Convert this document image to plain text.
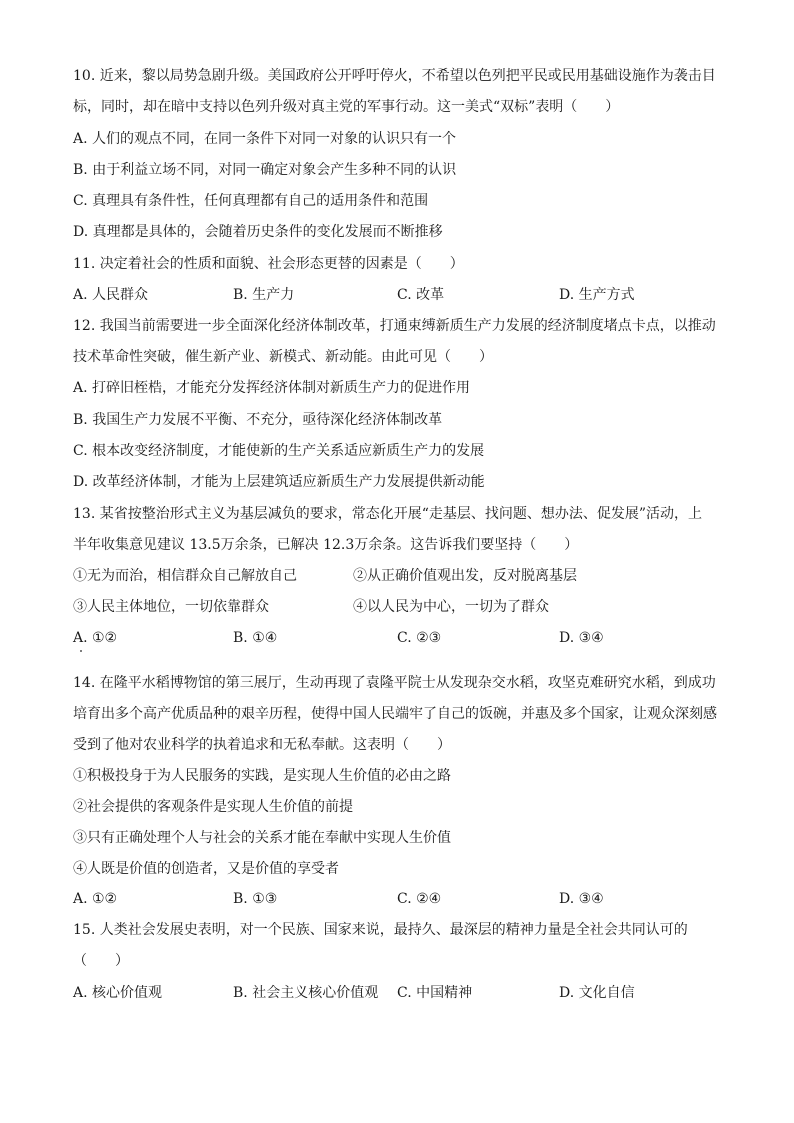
10. 近来，黎以局势急剧升级。美国政府公开呼吁停火，不希望以色列把平民或民用基础设施作为袭击目
标，同时，却在暗中支持以色列升级对真主党的军事行动。这一美式“双标”表明（　　）
A. 人们的观点不同，在同一条件下对同一对象的认识只有一个
B. 由于利益立场不同，对同一确定对象会产生多种不同的认识
C. 真理具有条件性，任何真理都有自己的适用条件和范围
D. 真理都是具体的，会随着历史条件的变化发展而不断推移
11. 决定着社会的性质和面貌、社会形态更替的因素是（　　）
A. 人民群众	B. 生产力	C. 改革	D. 生产方式
12. 我国当前需要进一步全面深化经济体制改革，打通束缚新质生产力发展的经济制度堵点卡点，以推动
技术革命性突破，催生新产业、新模式、新动能。由此可见（　　）
A. 打碎旧桎梏，才能充分发挥经济体制对新质生产力的促进作用
B. 我国生产力发展不平衡、不充分，亟待深化经济体制改革
C. 根本改变经济制度，才能使新的生产关系适应新质生产力的发展
D. 改革经济体制，才能为上层建筑适应新质生产力发展提供新动能
13. 某省按整治形式主义为基层减负的要求，常态化开展“走基层、找问题、想办法、促发展”活动，上
半年收集意见建议 13.5万余条，已解决 12.3万余条。这告诉我们要坚持（　　）
①无为而治，相信群众自己解放自己	②从正确价值观出发，反对脱离基层
③人民主体地位，一切依靠群众	④以人民为中心，一切为了群众
A. ①②	B. ①④	C. ②③	D. ③④
14. 在隆平水稻博物馆的第三展厅，生动再现了袁隆平院士从发现杂交水稻，攻坚克难研究水稻，到成功
培育出多个高产优质品种的艰辛历程，使得中国人民端牢了自己的饭碗，并惠及多个国家，让观众深刻感
受到了他对农业科学的执着追求和无私奉献。这表明（　　）
①积极投身于为人民服务的实践，是实现人生价值的必由之路
②社会提供的客观条件是实现人生价值的前提
③只有正确处理个人与社会的关系才能在奉献中实现人生价值
④人既是价值的创造者，又是价值的享受者
A. ①②	B. ①③	C. ②④	D. ③④
15. 人类社会发展史表明，对一个民族、国家来说，最持久、最深层的精神力量是全社会共同认可的
（　　）
A. 核心价值观	B. 社会主义核心价值观 C. 中国精神	D. 文化自信
